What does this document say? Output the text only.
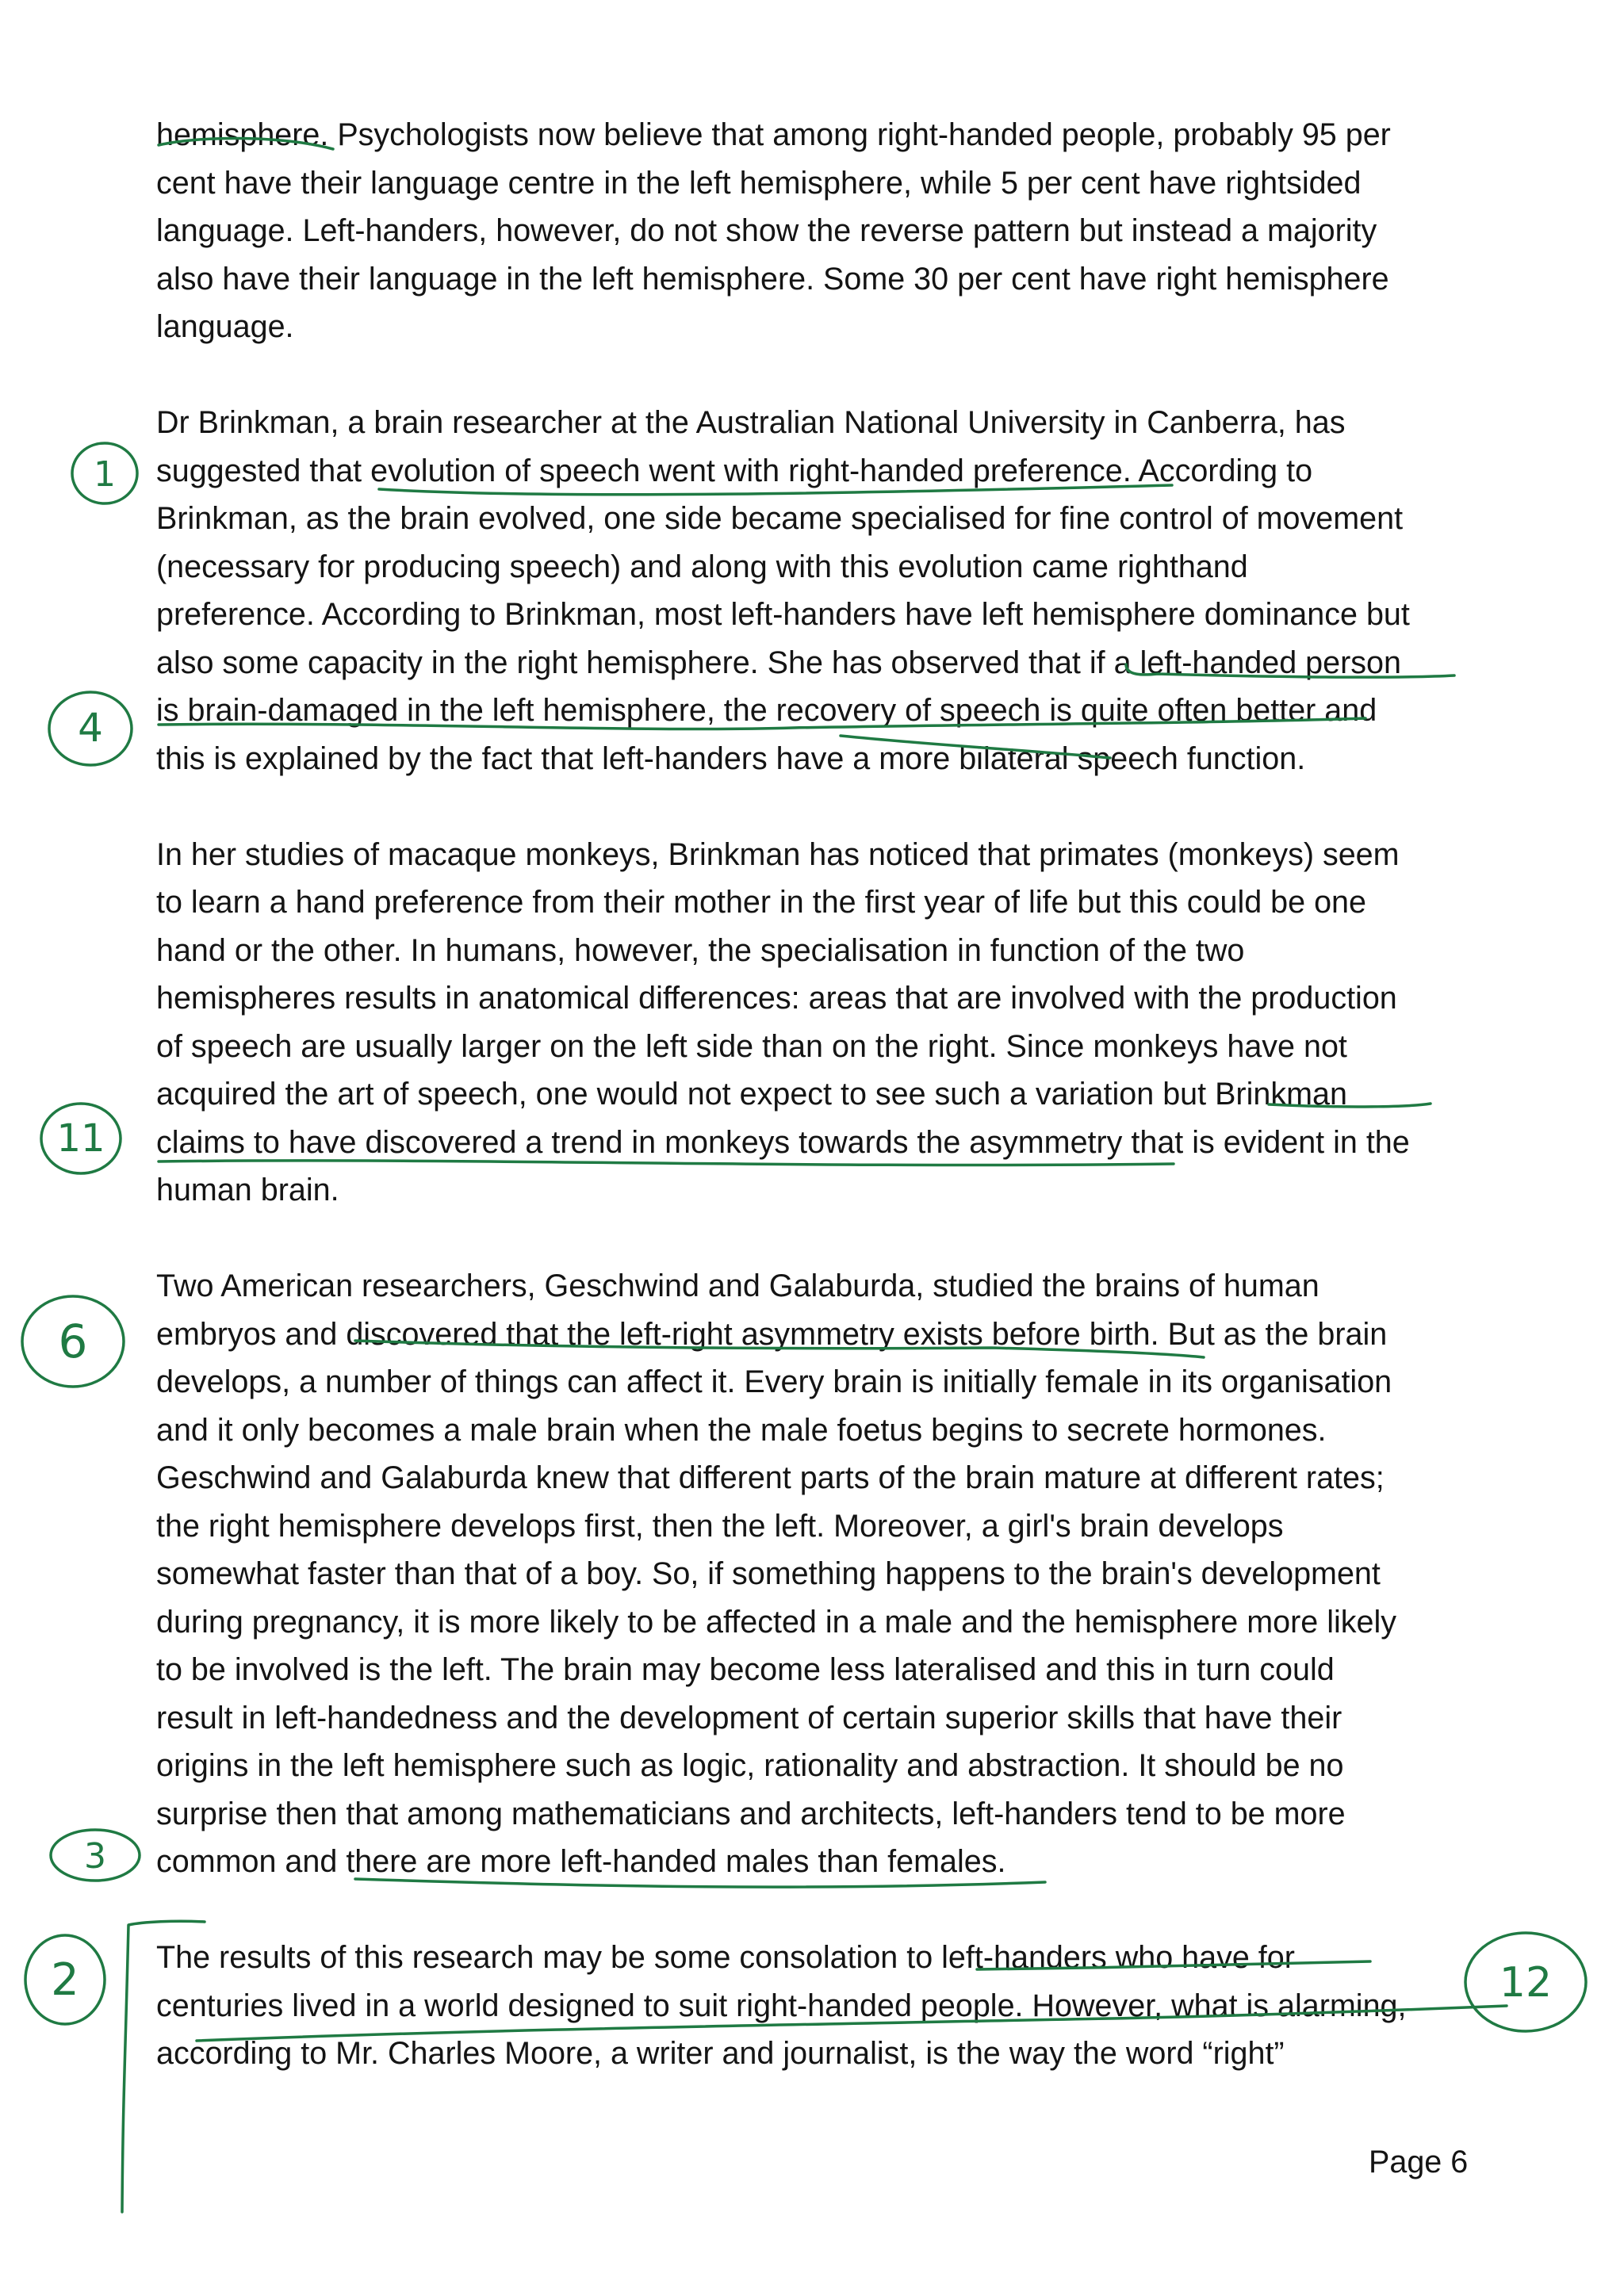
hemisphere. Psychologists now believe that among right-handed people, probably 95 per
cent have their language centre in the left hemisphere, while 5 per cent have rightsided
language. Left-handers, however, do not show the reverse pattern but instead a majority
also have their language in the left hemisphere. Some 30 per cent have right hemisphere
language.

Dr Brinkman, a brain researcher at the Australian National University in Canberra, has
suggested that evolution of speech went with right-handed preference. According to
Brinkman, as the brain evolved, one side became specialised for fine control of movement
(necessary for producing speech) and along with this evolution came righthand
preference. According to Brinkman, most left-handers have left hemisphere dominance but
also some capacity in the right hemisphere. She has observed that if a left-handed person
is brain-damaged in the left hemisphere, the recovery of speech is quite often better and
this is explained by the fact that left-handers have a more bilateral speech function.

In her studies of macaque monkeys, Brinkman has noticed that primates (monkeys) seem
to learn a hand preference from their mother in the first year of life but this could be one
hand or the other. In humans, however, the specialisation in function of the two
hemispheres results in anatomical differences: areas that are involved with the production
of speech are usually larger on the left side than on the right. Since monkeys have not
acquired the art of speech, one would not expect to see such a variation but Brinkman
claims to have discovered a trend in monkeys towards the asymmetry that is evident in the
human brain.

Two American researchers, Geschwind and Galaburda, studied the brains of human
embryos and discovered that the left-right asymmetry exists before birth. But as the brain
develops, a number of things can affect it. Every brain is initially female in its organisation
and it only becomes a male brain when the male foetus begins to secrete hormones.
Geschwind and Galaburda knew that different parts of the brain mature at different rates;
the right hemisphere develops first, then the left. Moreover, a girl's brain develops
somewhat faster than that of a boy. So, if something happens to the brain's development
during pregnancy, it is more likely to be affected in a male and the hemisphere more likely
to be involved is the left. The brain may become less lateralised and this in turn could
result in left-handedness and the development of certain superior skills that have their
origins in the left hemisphere such as logic, rationality and abstraction. It should be no
surprise then that among mathematicians and architects, left-handers tend to be more
common and there are more left-handed males than females.

The results of this research may be some consolation to left-handers who have for
centuries lived in a world designed to suit right-handed people. However, what is alarming,
according to Mr. Charles Moore, a writer and journalist, is the way the word “right”

Page 6
1
4
11
6
3
2	12
